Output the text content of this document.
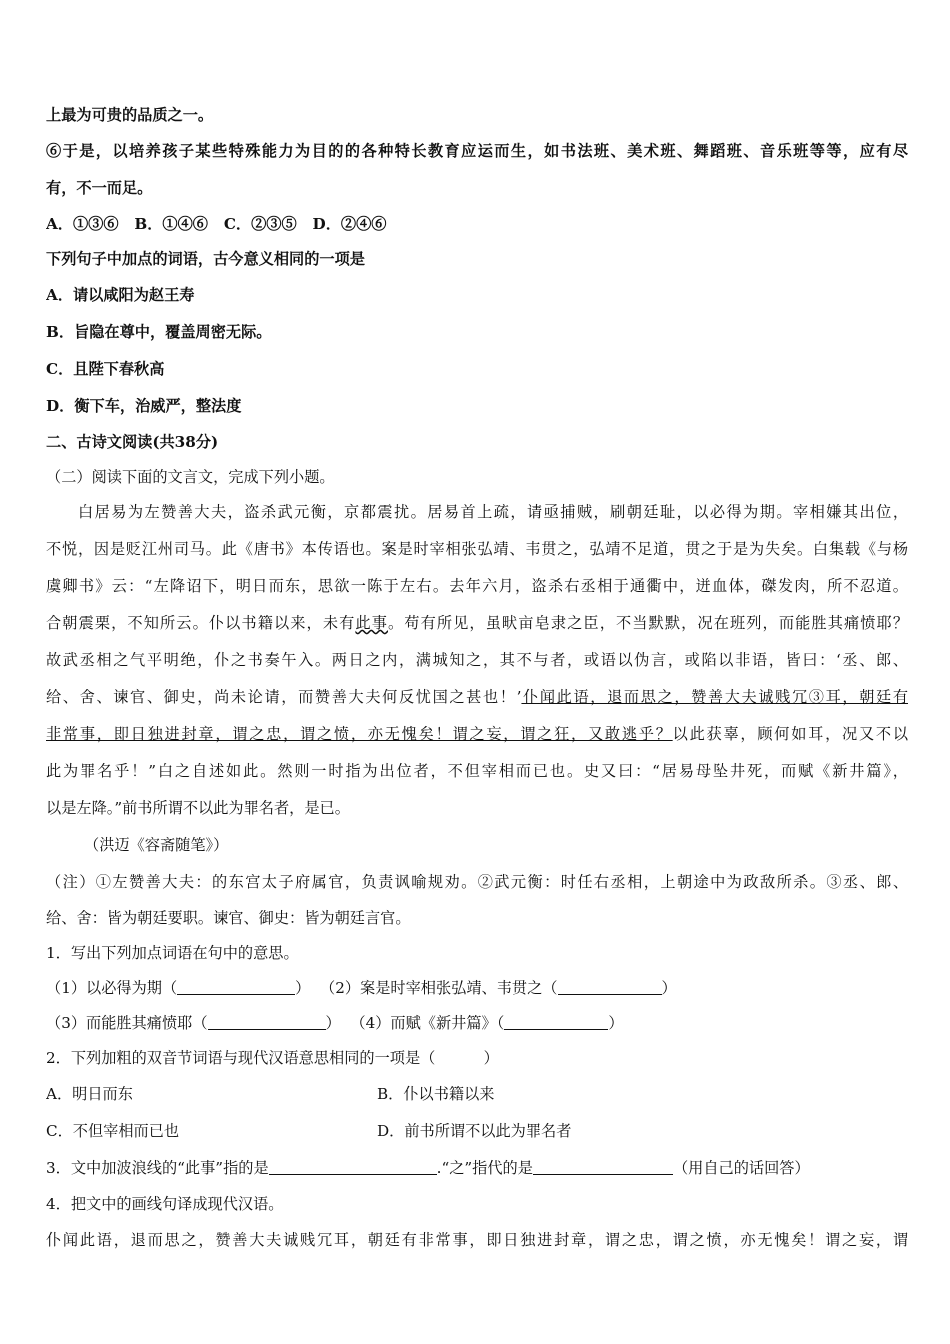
上最为可贵的品质之一。
⑥于是，以培养孩子某些特殊能力为目的的各种特长教育应运而生，如书法班、美术班、舞蹈班、音乐班等等，应有尽
有，不一而足。
A．①③⑥   B．①④⑥   C．②③⑤   D．②④⑥
下列句子中加点的词语，古今意义相同的一项是
A．请以咸阳为赵王寿
B．旨隐在尊中，覆盖周密无际。
C．且陛下春秋高
D．衡下车，治威严，整法度
二、古诗文阅读(共38分)
（二）阅读下面的文言文，完成下列小题。
白居易为左赞善大夫，盗杀武元衡，京都震扰。居易首上疏，请亟捕贼，刷朝廷耻，以必得为期。宰相嫌其出位，
不悦，因是贬江州司马。此《唐书》本传语也。案是时宰相张弘靖、韦贯之，弘靖不足道，贯之于是为失矣。白集载《与杨
虞卿书》云：“左降诏下，明日而东，思欲一陈于左右。去年六月，盗杀右丞相于通衢中，迸血体，磔发肉，所不忍道。
合朝震栗，不知所云。仆以书籍以来，未有此事。苟有所见，虽畎亩皂隶之臣，不当默默，况在班列，而能胜其痛愤耶？
故武丞相之气平明绝，仆之书奏午入。两日之内，满城知之，其不与者，或语以伪言，或陷以非语，皆曰：‘丞、郎、
给、舍、谏官、御史，尚未论请，而赞善大夫何反忧国之甚也！’仆闻此语，退而思之，赞善大夫诚贱冗③耳，朝廷有
非常事，即日独进封章，谓之忠，谓之愤，亦无愧矣！谓之妄，谓之狂，又敢逃乎？以此获辜，顾何如耳，况又不以
此为罪名乎！”白之自述如此。然则一时指为出位者，不但宰相而已也。史又曰：“居易母坠井死，而赋《新井篇》，
以是左降。”前书所谓不以此为罪名者，是已。
（洪迈《容斋随笔》）
（注）①左赞善大夫：的东宫太子府属官，负责讽喻规劝。②武元衡：时任右丞相，上朝途中为政敌所杀。③丞、郎、
给、舍：皆为朝廷要职。谏官、御史：皆为朝廷言官。
1．写出下列加点词语在句中的意思。
（1）以必得为期（	）  （2）案是时宰相张弘靖、韦贯之（	）
（3）而能胜其痛愤耶（	）  （4）而赋《新井篇》（	）
2．下列加粗的双音节词语与现代汉语意思相同的一项是（          ）
A．明日而东	B．仆以书籍以来
C．不但宰相而已也	D．前书所谓不以此为罪名者
3．文中加波浪线的“此事”指的是	.“之”指代的是	（用自己的话回答）
4．把文中的画线句译成现代汉语。
仆闻此语，退而思之，赞善大夫诚贱冗耳，朝廷有非常事，即日独进封章，谓之忠，谓之愤，亦无愧矣！谓之妄，谓
